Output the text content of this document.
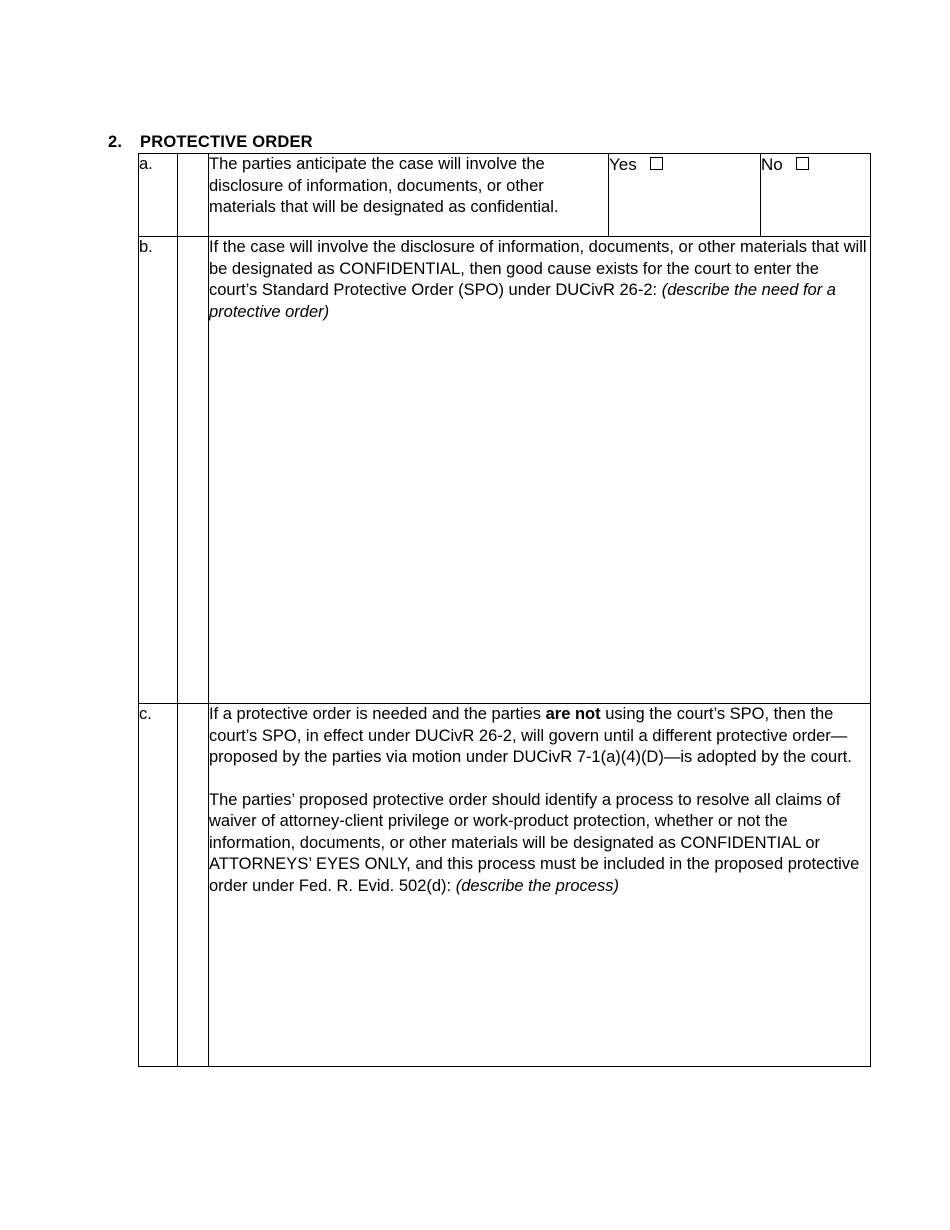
2. PROTECTIVE ORDER
a.		The parties anticipate the case will involve the disclosure of information, documents, or other materials that will be designated as confidential.	Yes	No
b.		If the case will involve the disclosure of information, documents, or other materials that will be designated as CONFIDENTIAL, then good cause exists for the court to enter the court’s Standard Protective Order (SPO) under DUCivR 26-2: (describe the need for a protective order)		

c.		If a protective order is needed and the parties are not using the court’s SPO, then the court’s SPO, in effect under DUCivR 26-2, will govern until a different protective order—proposed by the parties via motion under DUCivR 7-1(a)(4)(D)—is adopted by the court.

The parties’ proposed protective order should identify a process to resolve all claims of waiver of attorney-client privilege or work-product protection, whether or not the information, documents, or other materials will be designated as CONFIDENTIAL or ATTORNEYS’ EYES ONLY, and this process must be included in the proposed protective order under Fed. R. Evid. 502(d): (describe the process)		
